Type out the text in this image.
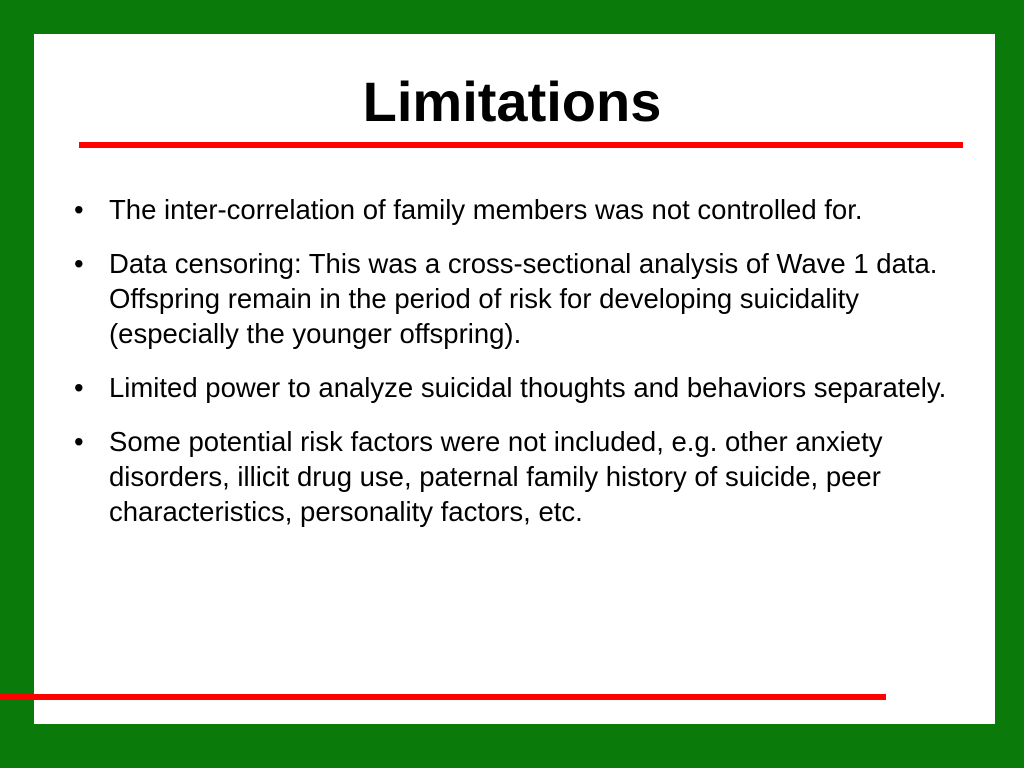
Limitations
• The inter-correlation of family members was not controlled for.
• Data censoring: This was a cross-sectional analysis of Wave 1 data. Offspring remain in the period of risk for developing suicidality (especially the younger offspring).
• Limited power to analyze suicidal thoughts and behaviors separately.
• Some potential risk factors were not included, e.g. other anxiety disorders, illicit drug use, paternal family history of suicide, peer characteristics, personality factors, etc.
